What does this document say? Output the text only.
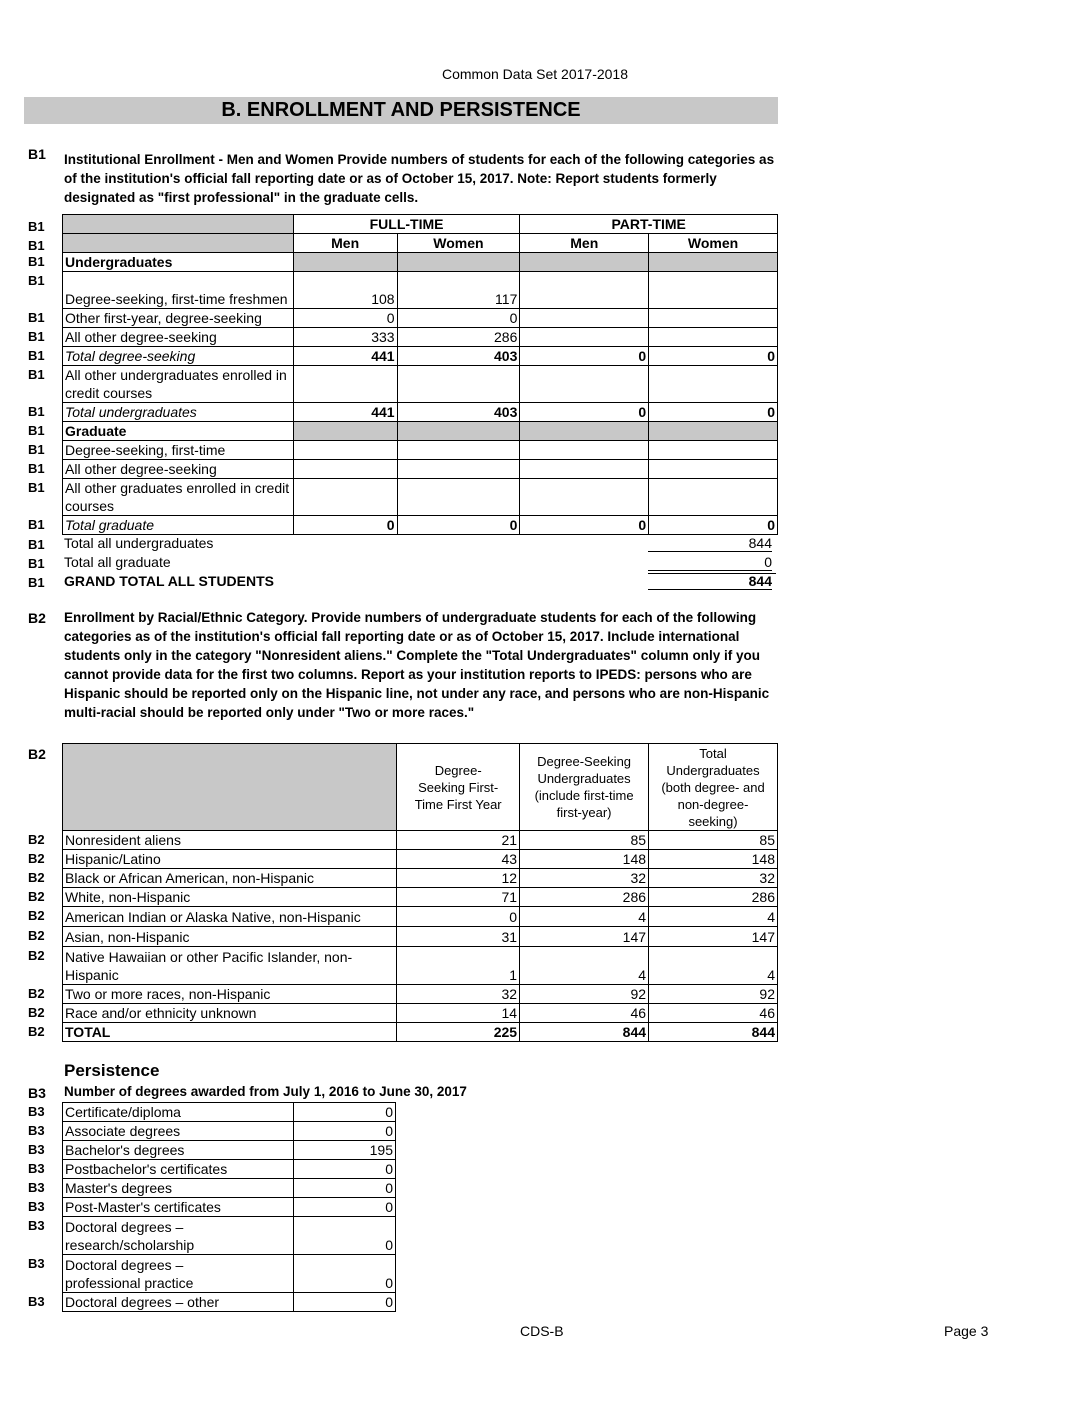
Common Data Set 2017-2018
B. ENROLLMENT AND PERSISTENCE
B1 Institutional Enrollment - Men and Women Provide numbers of students for each of the following categories as of the institution's official fall reporting date or as of October 15, 2017. Note: Report students formerly designated as "first professional" in the graduate cells.
B1
B1
B1
B1
B1
B1
B1
B1
B1
B1
B1
B1
B1
B1
B1
B1
B1
	FULL-TIME		PART-TIME	
	Men	Women	Men	Women
Undergraduates				
Degree-seeking, first-time freshmen	108	117		
Other first-year, degree-seeking	0	0		
All other degree-seeking	333	286		
Total degree-seeking	441	403	0	0
All other undergraduates enrolled in credit courses				
Total undergraduates	441	403	0	0
Graduate				
Degree-seeking, first-time				
All other degree-seeking				
All other graduates enrolled in credit courses				
Total graduate	0	0	0	0
Total all undergraduates	844
Total all graduate	0
GRAND TOTAL ALL STUDENTS	844
B2 Enrollment by Racial/Ethnic Category. Provide numbers of undergraduate students for each of the following categories as of the institution's official fall reporting date or as of October 15, 2017. Include international students only in the category "Nonresident aliens." Complete the "Total Undergraduates" column only if you cannot provide data for the first two columns. Report as your institution reports to IPEDS: persons who are Hispanic should be reported only on the Hispanic line, not under any race, and persons who are non-Hispanic multi-racial should be reported only under "Two or more races."
B2
B2
B2
B2
B2
B2
B2
B2
B2
B2
B2
	Degree-Seeking First-Time First Year	Degree-Seeking Undergraduates (include first-time first-year)	Total Undergraduates (both degree- and non-degree-seeking)
Nonresident aliens	21	85	85
Hispanic/Latino	43	148	148
Black or African American, non-Hispanic	12	32	32
White, non-Hispanic	71	286	286
American Indian or Alaska Native, non-Hispanic	0	4	4
Asian, non-Hispanic	31	147	147
Native Hawaiian or other Pacific Islander, non-Hispanic	1	4	4
Two or more races, non-Hispanic	32	92	92
Race and/or ethnicity unknown	14	46	46
TOTAL	225	844	844
Persistence
B3 Number of degrees awarded from July 1, 2016 to June 30, 2017
B3
B3
B3
B3
B3
B3
B3
B3
B3
Certificate/diploma	0
Associate degrees	0
Bachelor's degrees	195
Postbachelor's certificates	0
Master's degrees	0
Post-Master's certificates	0
Doctoral degrees – research/scholarship	0
Doctoral degrees – professional practice	0
Doctoral degrees – other	0
CDS-B	Page 3
